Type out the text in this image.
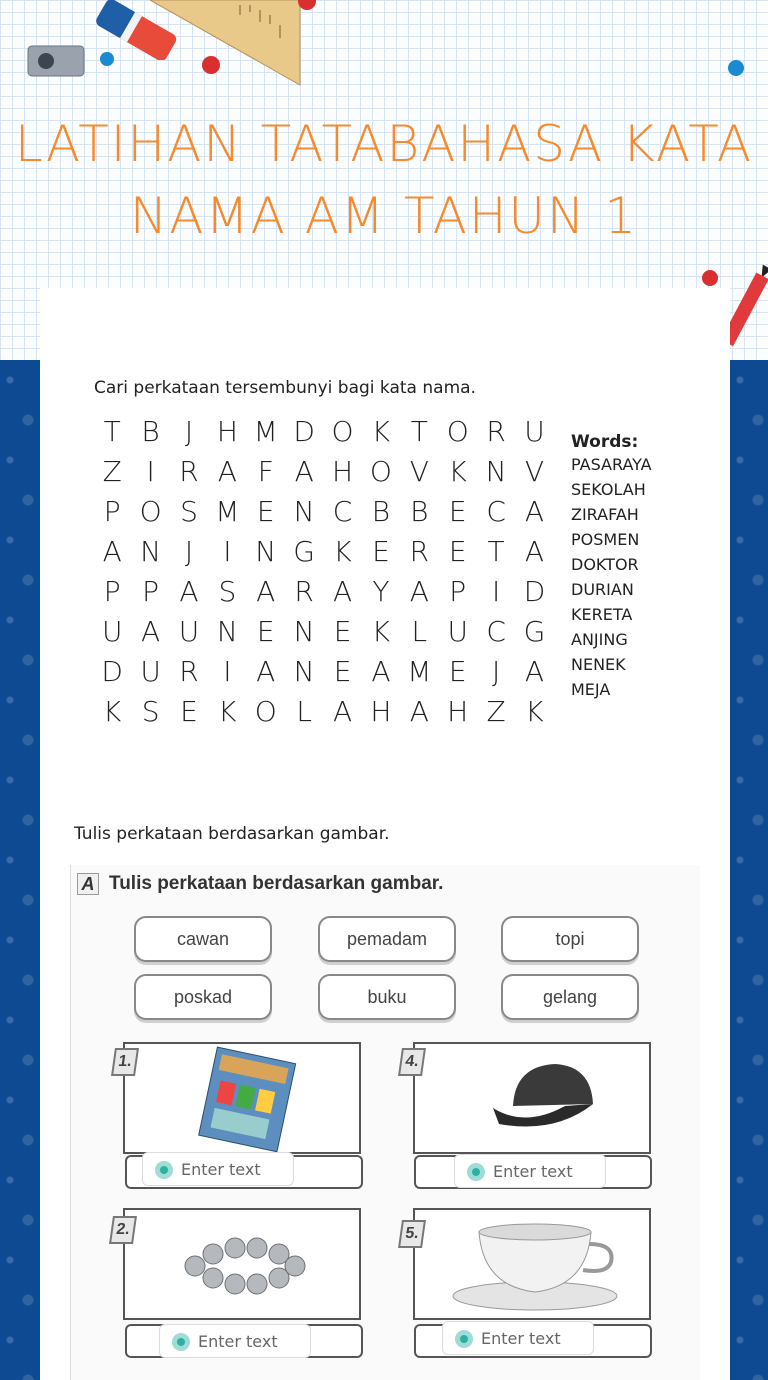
LATIHAN TATABAHASA KATA
NAMA AM TAHUN 1
Cari perkataan tersembunyi bagi kata nama.
T B J H M D O K T O R U
Z I R A F A H O V K N V
P O S M E N C B B E C A
A N J	I N G K E R E T A
P P A S A R A Y A P I D
U A U N E N E K L U C G
D U R I A N E A M E J A
K S E K O L A H A H Z K
Words:
PASARAYA
SEKOLAH
ZIRAFAH
POSMEN
DOKTOR
DURIAN
KERETA
ANJING
NENEK
MEJA
Tulis perkataan berdasarkan gambar.
A Tulis perkataan berdasarkan gambar.
cawan	pemadam	topi
poskad	buku	gelang
1.
Enter text
4.
Enter text
2.
Enter text
5.
Enter text
